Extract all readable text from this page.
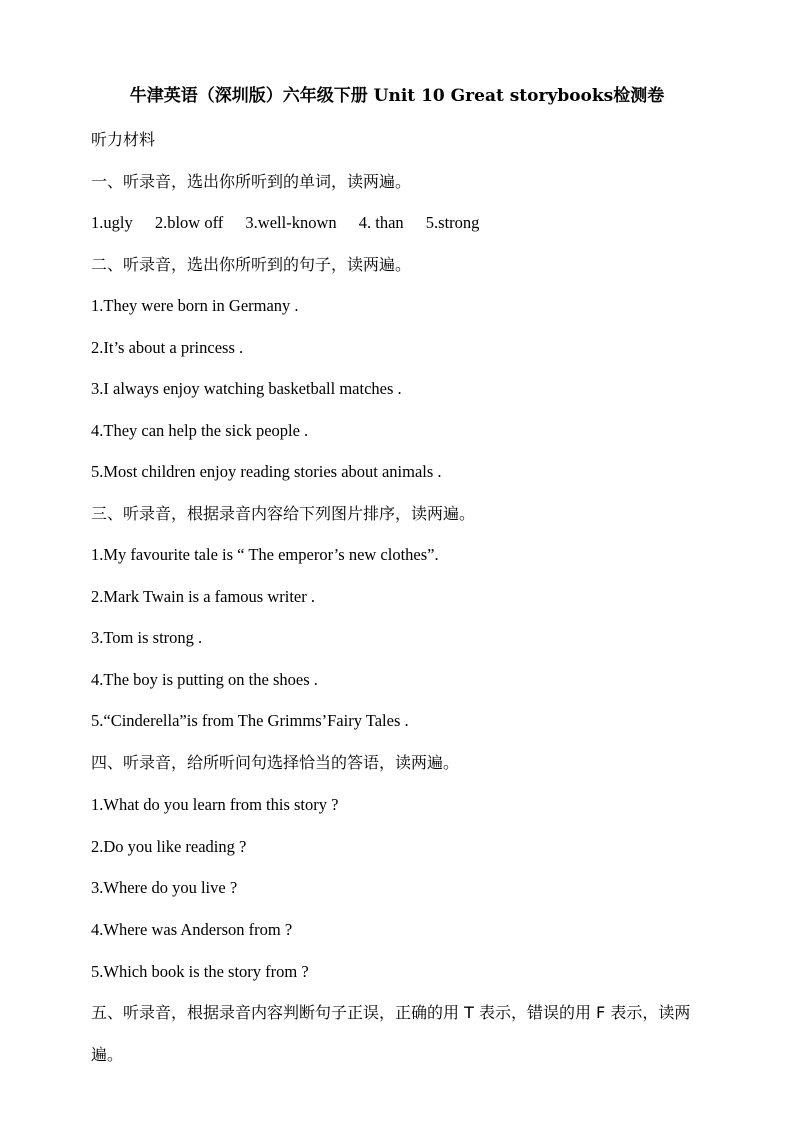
牛津英语（深圳版）六年级下册 Unit 10 Great storybooks检测卷
听力材料
一、听录音，选出你所听到的单词，读两遍。
1.ugly 2.blow off 3.well-known 4. than 5.strong
二、听录音，选出你所听到的句子，读两遍。
1.They were born in Germany .
2.It’s about a princess .
3.I always enjoy watching basketball matches .
4.They can help the sick people .
5.Most children enjoy reading stories about animals .
三、听录音，根据录音内容给下列图片排序，读两遍。
1.My favourite tale is “ The emperor’s new clothes”.
2.Mark Twain is a famous writer .
3.Tom is strong .
4.The boy is putting on the shoes .
5.“Cinderella”is from The Grimms’Fairy Tales .
四、听录音，给所听问句选择恰当的答语，读两遍。
1.What do you learn from this story ?
2.Do you like reading ?
3.Where do you live ?
4.Where was Anderson from ?
5.Which book is the story from ?
五、听录音，根据录音内容判断句子正误，正确的用 T 表示，错误的用 F 表示，读两遍。
